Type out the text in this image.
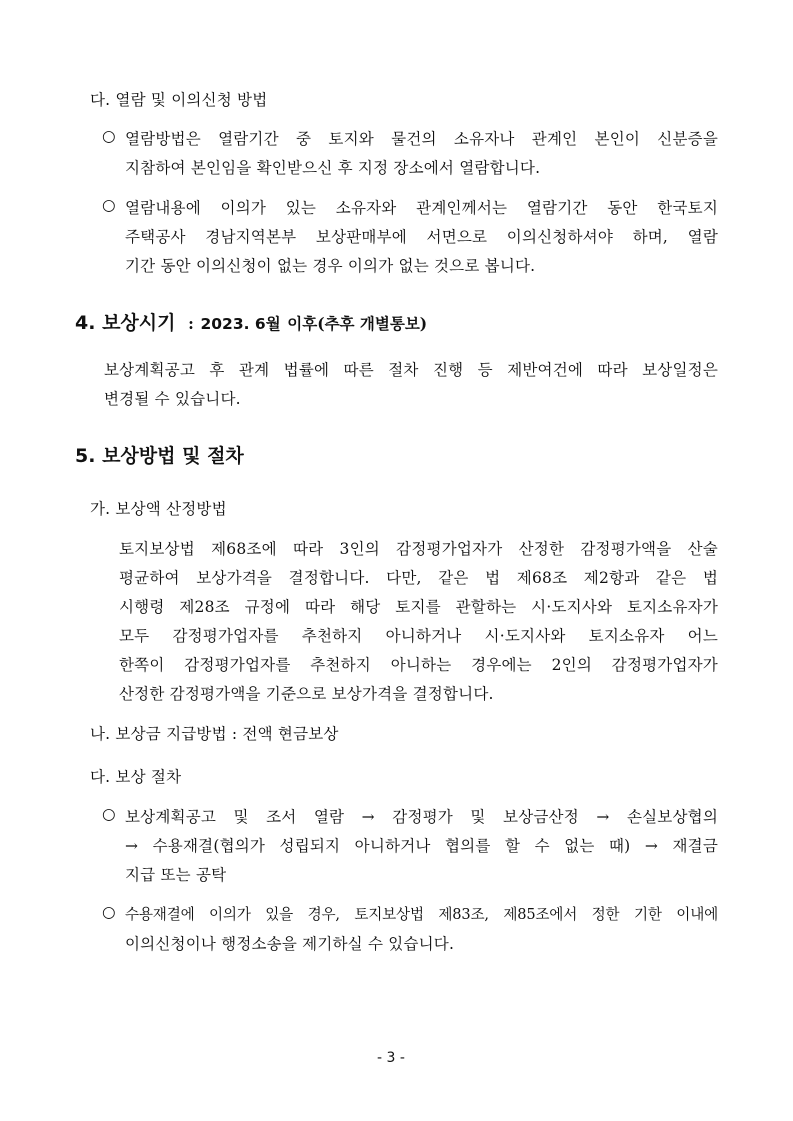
다. 열람 및 이의신청 방법
○ 열람방법은 열람기간 중 토지와 물건의 소유자나 관계인 본인이 신분증을
지참하여 본인임을 확인받으신 후 지정 장소에서 열람합니다.
○ 열람내용에 이의가 있는 소유자와 관계인께서는 열람기간 동안 한국토지
주택공사 경남지역본부 보상판매부에 서면으로 이의신청하셔야 하며, 열람
기간 동안 이의신청이 없는 경우 이의가 없는 것으로 봅니다.
4. 보상시기 : 2023. 6월 이후(추후 개별통보)
보상계획공고 후 관계 법률에 따른 절차 진행 등 제반여건에 따라 보상일정은
변경될 수 있습니다.
5. 보상방법 및 절차
가. 보상액 산정방법
토지보상법 제68조에 따라 3인의 감정평가업자가 산정한 감정평가액을 산술
평균하여 보상가격을 결정합니다. 다만, 같은 법 제68조 제2항과 같은 법
시행령 제28조 규정에 따라 해당 토지를 관할하는 시·도지사와 토지소유자가
모두 감정평가업자를 추천하지 아니하거나 시·도지사와 토지소유자 어느
한쪽이 감정평가업자를 추천하지 아니하는 경우에는 2인의 감정평가업자가
산정한 감정평가액을 기준으로 보상가격을 결정합니다.
나. 보상금 지급방법 : 전액 현금보상
다. 보상 절차
○ 보상계획공고 및 조서 열람 → 감정평가 및 보상금산정 → 손실보상협의
→ 수용재결(협의가 성립되지 아니하거나 협의를 할 수 없는 때) → 재결금
지급 또는 공탁
○ 수용재결에 이의가 있을 경우, 토지보상법 제83조, 제85조에서 정한 기한 이내에
이의신청이나 행정소송을 제기하실 수 있습니다.
- 3 -
